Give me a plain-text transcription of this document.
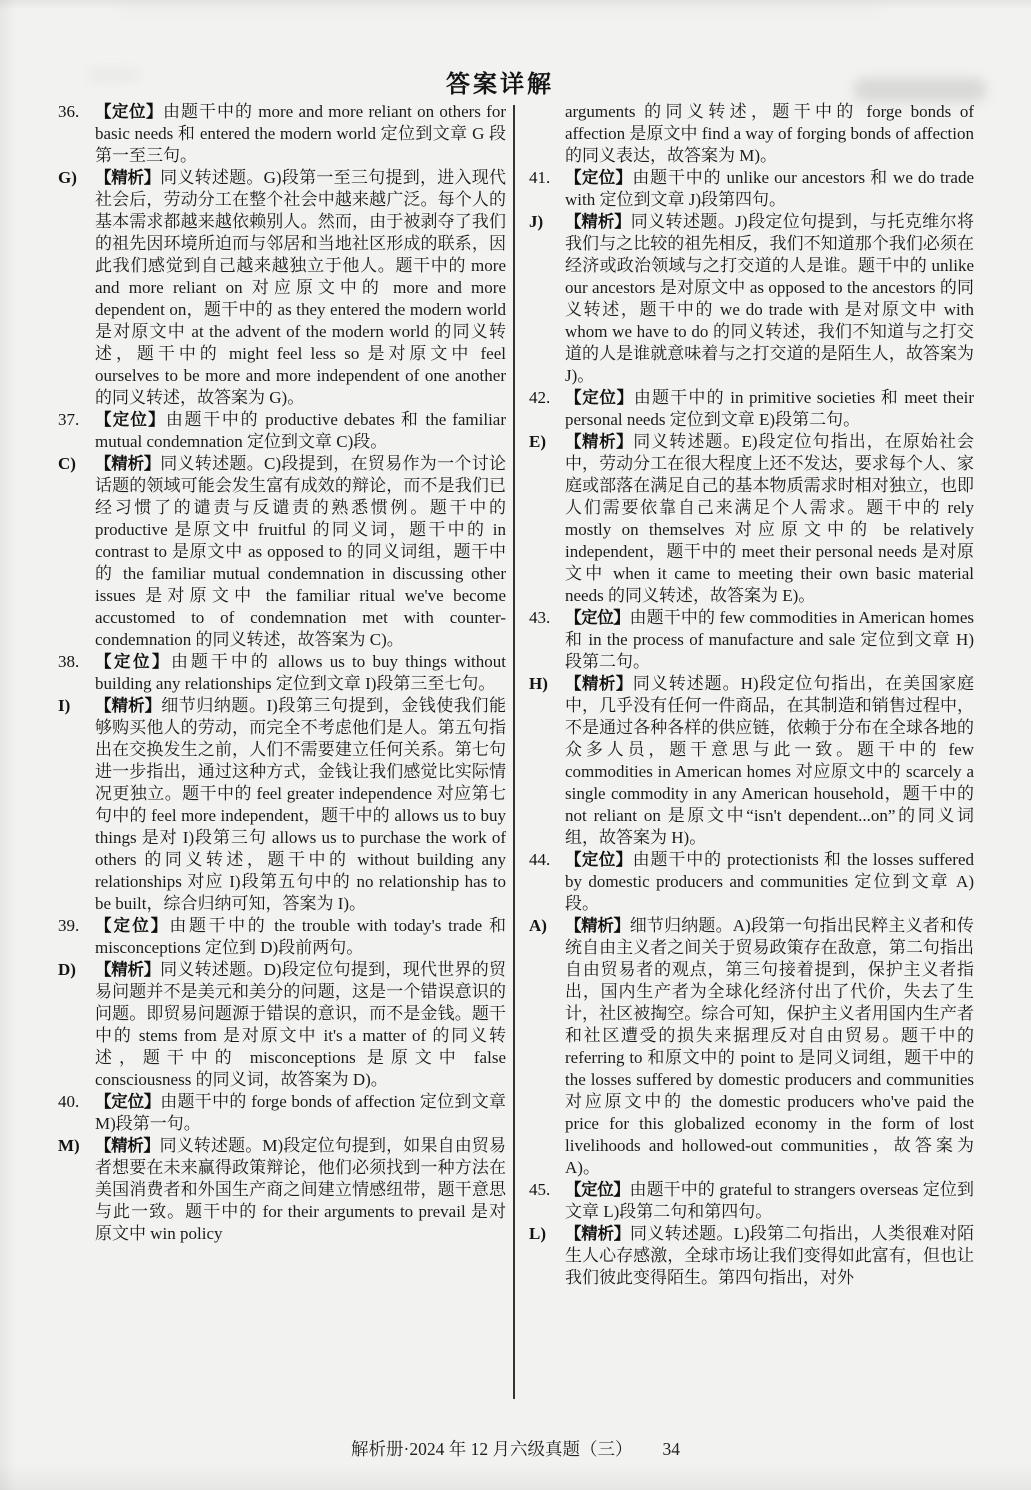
答案详解

36. 【定位】由题干中的 more and more reliant on others for basic needs 和 entered the modern world 定位到文章 G 段第一至三句。

G) 【精析】同义转述题。G)段第一至三句提到，进入现代社会后，劳动分工在整个社会中越来越广泛。每个人的基本需求都越来越依赖别人。然而，由于被剥夺了我们的祖先因环境所迫而与邻居和当地社区形成的联系，因此我们感觉到自己越来越独立于他人。题干中的 more and more reliant on 对应原文中的 more and more dependent on，题干中的 as they entered the modern world 是对原文中 at the advent of the modern world 的同义转述，题干中的 might feel less so 是对原文中 feel ourselves to be more and more independent of one another 的同义转述，故答案为 G)。

37. 【定位】由题干中的 productive debates 和 the familiar mutual condemnation 定位到文章 C)段。

C) 【精析】同义转述题。C)段提到，在贸易作为一个讨论话题的领域可能会发生富有成效的辩论，而不是我们已经习惯了的谴责与反谴责的熟悉惯例。题干中的 productive 是原文中 fruitful 的同义词，题干中的 in contrast to 是原文中 as opposed to 的同义词组，题干中的 the familiar mutual condemnation in discussing other issues 是对原文中 the familiar ritual we've become accustomed to of condemnation met with counter-condemnation 的同义转述，故答案为 C)。

38. 【定位】由题干中的 allows us to buy things without building any relationships 定位到文章 I)段第三至七句。

I) 【精析】细节归纳题。I)段第三句提到，金钱使我们能够购买他人的劳动，而完全不考虑他们是人。第五句指出在交换发生之前，人们不需要建立任何关系。第七句进一步指出，通过这种方式，金钱让我们感觉比实际情况更独立。题干中的 feel greater independence 对应第七句中的 feel more independent，题干中的 allows us to buy things 是对 I)段第三句 allows us to purchase the work of others 的同义转述，题干中的 without building any relationships 对应 I)段第五句中的 no relationship has to be built，综合归纳可知，答案为 I)。

39. 【定位】由题干中的 the trouble with today's trade 和 misconceptions 定位到 D)段前两句。

D) 【精析】同义转述题。D)段定位句提到，现代世界的贸易问题并不是美元和美分的问题，这是一个错误意识的问题。即贸易问题源于错误的意识，而不是金钱。题干中的 stems from 是对原文中 it's a matter of 的同义转述，题干中的 misconceptions 是原文中 false consciousness 的同义词，故答案为 D)。

40. 【定位】由题干中的 forge bonds of affection 定位到文章 M)段第一句。

M) 【精析】同义转述题。M)段定位句提到，如果自由贸易者想要在未来赢得政策辩论，他们必须找到一种方法在美国消费者和外国生产商之间建立情感纽带，题干意思与此一致。题干中的 for their arguments to prevail 是对原文中 win policy

arguments 的同义转述，题干中的 forge bonds of affection 是原文中 find a way of forging bonds of affection 的同义表达，故答案为 M)。

41. 【定位】由题干中的 unlike our ancestors 和 we do trade with 定位到文章 J)段第四句。

J) 【精析】同义转述题。J)段定位句提到，与托克维尔将我们与之比较的祖先相反，我们不知道那个我们必须在经济或政治领域与之打交道的人是谁。题干中的 unlike our ancestors 是对原文中 as opposed to the ancestors 的同义转述，题干中的 we do trade with 是对原文中 with whom we have to do 的同义转述，我们不知道与之打交道的人是谁就意味着与之打交道的是陌生人，故答案为 J)。

42. 【定位】由题干中的 in primitive societies 和 meet their personal needs 定位到文章 E)段第二句。

E) 【精析】同义转述题。E)段定位句指出，在原始社会中，劳动分工在很大程度上还不发达，要求每个人、家庭或部落在满足自己的基本物质需求时相对独立，也即人们需要依靠自己来满足个人需求。题干中的 rely mostly on themselves 对应原文中的 be relatively independent，题干中的 meet their personal needs 是对原文中 when it came to meeting their own basic material needs 的同义转述，故答案为 E)。

43. 【定位】由题干中的 few commodities in American homes 和 in the process of manufacture and sale 定位到文章 H)段第二句。

H) 【精析】同义转述题。H)段定位句指出，在美国家庭中，几乎没有任何一件商品，在其制造和销售过程中，不是通过各种各样的供应链，依赖于分布在全球各地的众多人员，题干意思与此一致。题干中的 few commodities in American homes 对应原文中的 scarcely a single commodity in any American household，题干中的 not reliant on 是原文中“isn't dependent...on”的同义词组，故答案为 H)。

44. 【定位】由题干中的 protectionists 和 the losses suffered by domestic producers and communities 定位到文章 A)段。

A) 【精析】细节归纳题。A)段第一句指出民粹主义者和传统自由主义者之间关于贸易政策存在敌意，第二句指出自由贸易者的观点，第三句接着提到，保护主义者指出，国内生产者为全球化经济付出了代价，失去了生计，社区被掏空。综合可知，保护主义者用国内生产者和社区遭受的损失来据理反对自由贸易。题干中的 referring to 和原文中的 point to 是同义词组，题干中的 the losses suffered by domestic producers and communities 对应原文中的 the domestic producers who've paid the price for this globalized economy in the form of lost livelihoods and hollowed-out communities，故答案为 A)。

45. 【定位】由题干中的 grateful to strangers overseas 定位到文章 L)段第二句和第四句。

L) 【精析】同义转述题。L)段第二句指出，人类很难对陌生人心存感激，全球市场让我们变得如此富有，但也让我们彼此变得陌生。第四句指出，对外

解析册·2024 年 12 月六级真题（三） 34
